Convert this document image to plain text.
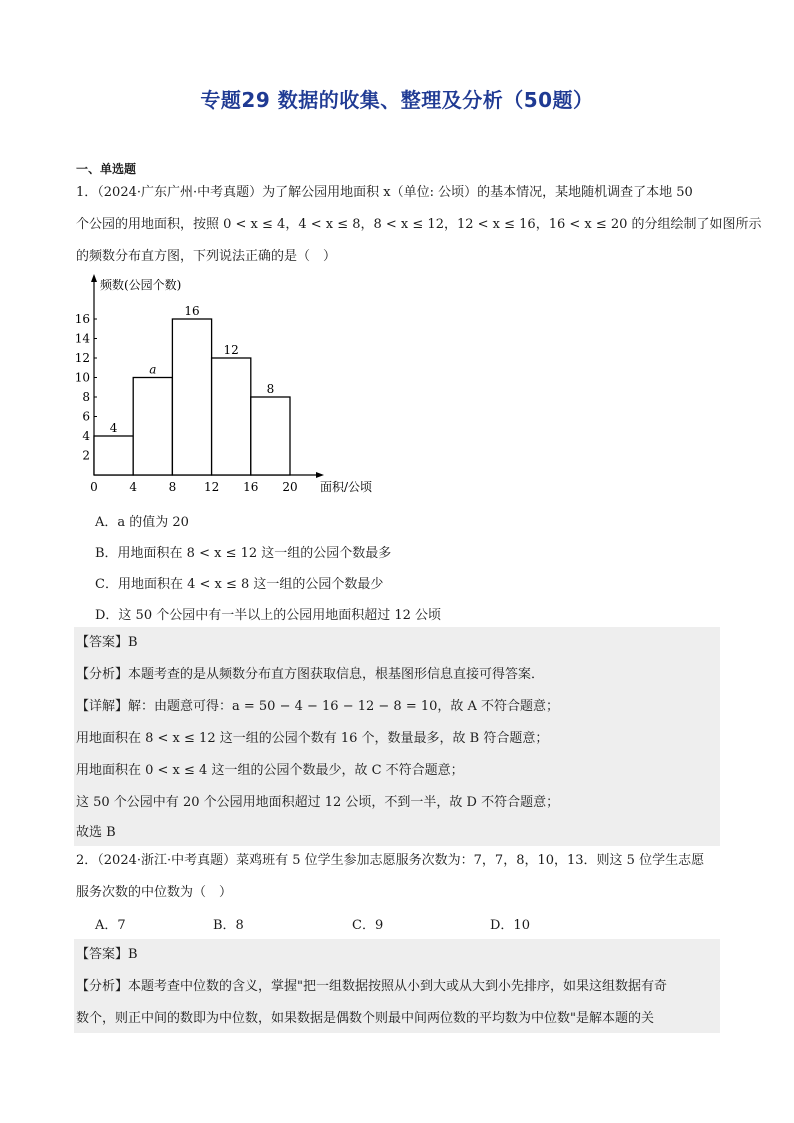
专题29 数据的收集、整理及分析（50题）
一、单选题
1．（2024·广东广州·中考真题）为了解公园用地面积 x（单位: 公顷）的基本情况，某地随机调查了本地 50
个公园的用地面积，按照 0 < x ≤ 4，4 < x ≤ 8，8 < x ≤ 12，12 < x ≤ 16，16 < x ≤ 20 的分组绘制了如图所示
的频数分布直方图，下列说法正确的是（　）
频数(公园个数)
面积/公顷
2
4
6
8
10
12
14
16
0	4	8 12 16 20
4
a
16
12
8
A．a 的值为 20
B．用地面积在 8 < x ≤ 12 这一组的公园个数最多
C．用地面积在 4 < x ≤ 8 这一组的公园个数最少
D．这 50 个公园中有一半以上的公园用地面积超过 12 公顷
【答案】B
【分析】本题考查的是从频数分布直方图获取信息，根基图形信息直接可得答案．
【详解】解：由题意可得：a = 50 − 4 − 16 − 12 − 8 = 10，故 A 不符合题意；
用地面积在 8 < x ≤ 12 这一组的公园个数有 16 个，数量最多，故 B 符合题意；
用地面积在 0 < x ≤ 4 这一组的公园个数最少，故 C 不符合题意；
这 50 个公园中有 20 个公园用地面积超过 12 公顷，不到一半，故 D 不符合题意；
故选 B
2．（2024·浙江·中考真题）菜鸡班有 5 位学生参加志愿服务次数为：7，7，8，10，13．则这 5 位学生志愿
服务次数的中位数为（　）
A．7	B．8	C．9	D．10
【答案】B
【分析】本题考查中位数的含义，掌握"把一组数据按照从小到大或从大到小先排序，如果这组数据有奇
数个，则正中间的数即为中位数，如果数据是偶数个则最中间两位数的平均数为中位数"是解本题的关
